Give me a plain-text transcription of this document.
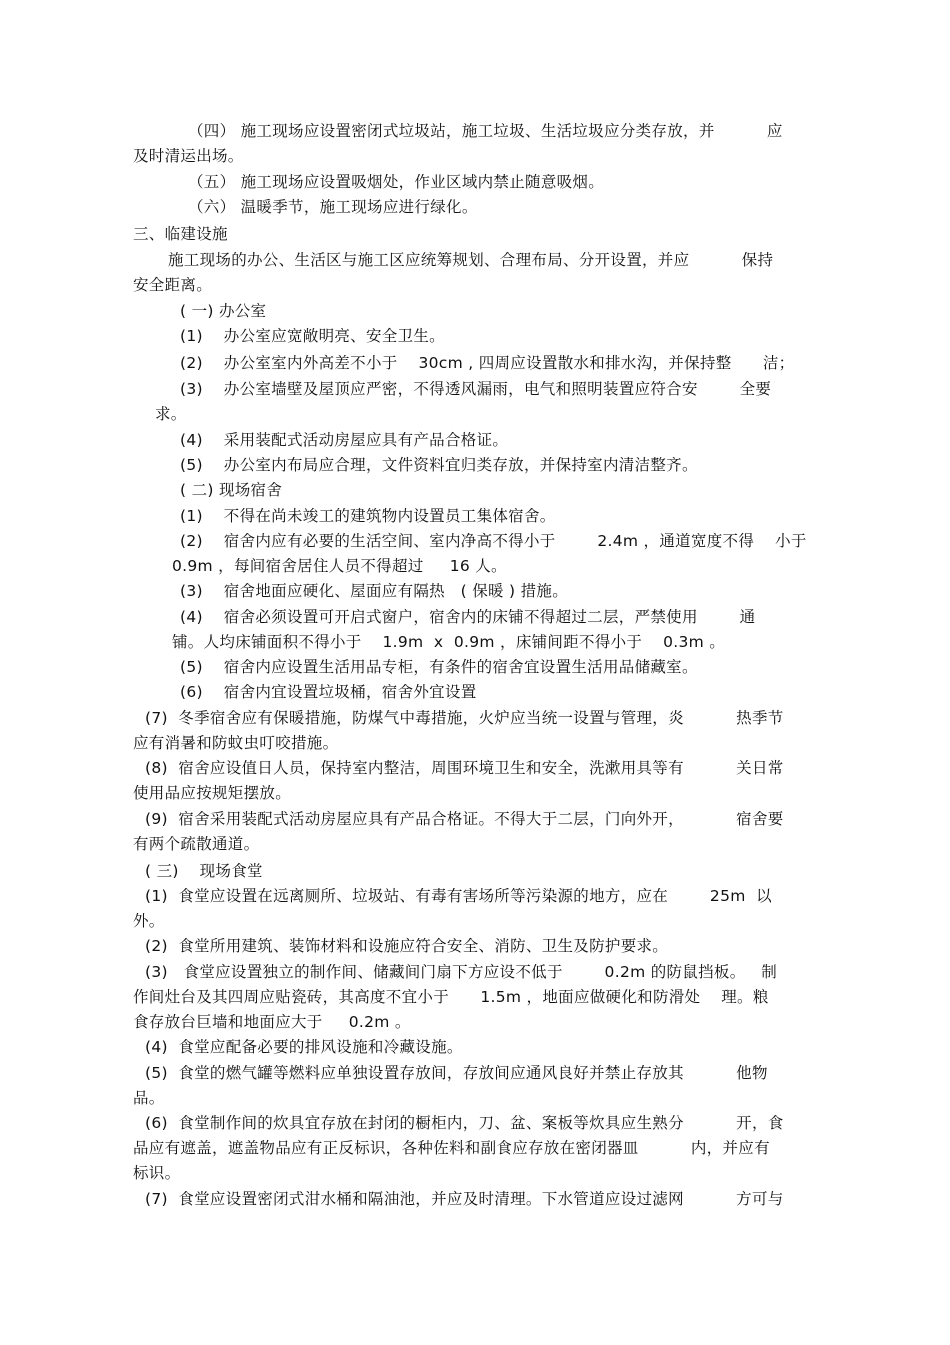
（四） 施工现场应设置密闭式垃圾站，施工垃圾、生活垃圾应分类存放，并          应
及时清运出场。
（五） 施工现场应设置吸烟处，作业区域内禁止随意吸烟。
（六） 温暖季节，施工现场应进行绿化。
三、临建设施
施工现场的办公、生活区与施工区应统筹规划、合理布局、分开设置，并应          保持
安全距离。
( 一) 办公室
(1)    办公室应宽敞明亮、安全卫生。
(2)    办公室室内外高差不小于    30cm , 四周应设置散水和排水沟，并保持整      洁；
(3)    办公室墙壁及屋顶应严密，不得透风漏雨，电气和照明装置应符合安        全要
求。
(4)    采用装配式活动房屋应具有产品合格证。
(5)    办公室内布局应合理，文件资料宜归类存放，并保持室内清洁整齐。
( 二) 现场宿舍
(1)    不得在尚未竣工的建筑物内设置员工集体宿舍。
(2)    宿舍内应有必要的生活空间、室内净高不得小于        2.4m ，通道宽度不得    小于
0.9m ，每间宿舍居住人员不得超过     16 人。
(3)    宿舍地面应硬化、屋面应有隔热   ( 保暖 ) 措施。
(4)    宿舍必须设置可开启式窗户，宿舍内的床铺不得超过二层，严禁使用        通
铺。人均床铺面积不得小于    1.9m  x  0.9m ，床铺间距不得小于    0.3m 。
(5)    宿舍内应设置生活用品专柜，有条件的宿舍宜设置生活用品储藏室。
(6)    宿舍内宜设置垃圾桶，宿舍外宜设置
(7)  冬季宿舍应有保暖措施，防煤气中毒措施，火炉应当统一设置与管理，炎          热季节
应有消暑和防蚊虫叮咬措施。
(8)  宿舍应设值日人员，保持室内整洁，周围环境卫生和安全，洗漱用具等有          关日常
使用品应按规矩摆放。
(9)  宿舍采用装配式活动房屋应具有产品合格证。不得大于二层，门向外开，          宿舍要
有两个疏散通道。
( 三)    现场食堂
(1)  食堂应设置在远离厕所、垃圾站、有毒有害场所等污染源的地方，应在        25m  以
外。
(2)  食堂所用建筑、装饰材料和设施应符合安全、消防、卫生及防护要求。
(3)   食堂应设置独立的制作间、储藏间门扇下方应设不低于        0.2m 的防鼠挡板。   制
作间灶台及其四周应贴瓷砖，其高度不宜小于      1.5m ，地面应做硬化和防滑处    理。粮
食存放台巨墙和地面应大于     0.2m 。
(4)  食堂应配备必要的排风设施和冷藏设施。
(5)  食堂的燃气罐等燃料应单独设置存放间，存放间应通风良好并禁止存放其          他物
品。
(6)  食堂制作间的炊具宜存放在封闭的橱柜内，刀、盆、案板等炊具应生熟分          开，食
品应有遮盖，遮盖物品应有正反标识，各种佐料和副食应存放在密闭器皿          内，并应有
标识。
(7)  食堂应设置密闭式泔水桶和隔油池，并应及时清理。下水管道应设过滤网          方可与
